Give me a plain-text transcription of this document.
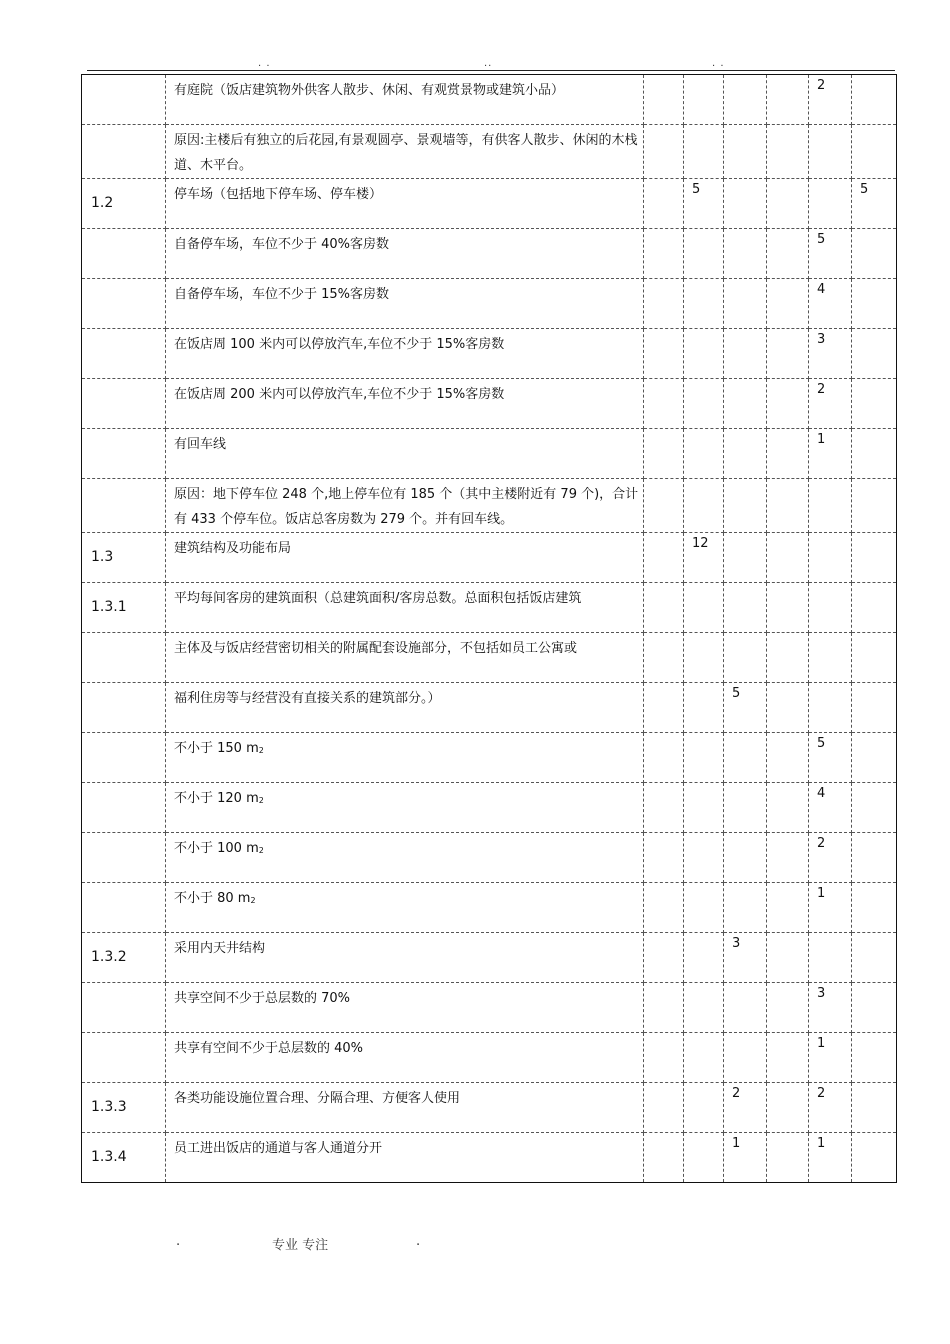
. .	..	. .
	有庭院（饭店建筑物外供客人散步、休闲、有观赏景物或建筑小品）					2	
	原因:主楼后有独立的后花园,有景观圆亭、景观墙等，有供客人散步、休闲的木栈道、木平台。						
1.2	停车场（包括地下停车场、停车楼）		5				5
	自备停车场，车位不少于 40%客房数					5	
	自备停车场，车位不少于 15%客房数					4	
	在饭店周 100 米内可以停放汽车,车位不少于 15%客房数					3	
	在饭店周 200 米内可以停放汽车,车位不少于 15%客房数					2	
	有回车线					1	
	原因：地下停车位 248 个,地上停车位有 185 个（其中主楼附近有 79 个)，合计有 433 个停车位。饭店总客房数为 279 个。并有回车线。						
1.3	建筑结构及功能布局		12				
1.3.1	平均每间客房的建筑面积（总建筑面积/客房总数。总面积包括饭店建筑						
	主体及与饭店经营密切相关的附属配套设施部分，不包括如员工公寓或						
	福利住房等与经营没有直接关系的建筑部分。）			5			
	不小于 150 $m_2$					5	
	不小于 120 $m_2$					4	
	不小于 100 $m_2$					2	
	不小于 80 $m_2$					1	
1.3.2	采用内天井结构			3			
	共享空间不少于总层数的 70%					3	
	共享有空间不少于总层数的 40%					1	
1.3.3	各类功能设施位置合理、分隔合理、方便客人使用			2		2	
1.3.4	员工进出饭店的通道与客人通道分开			1		1	
.	专业 专注	.
